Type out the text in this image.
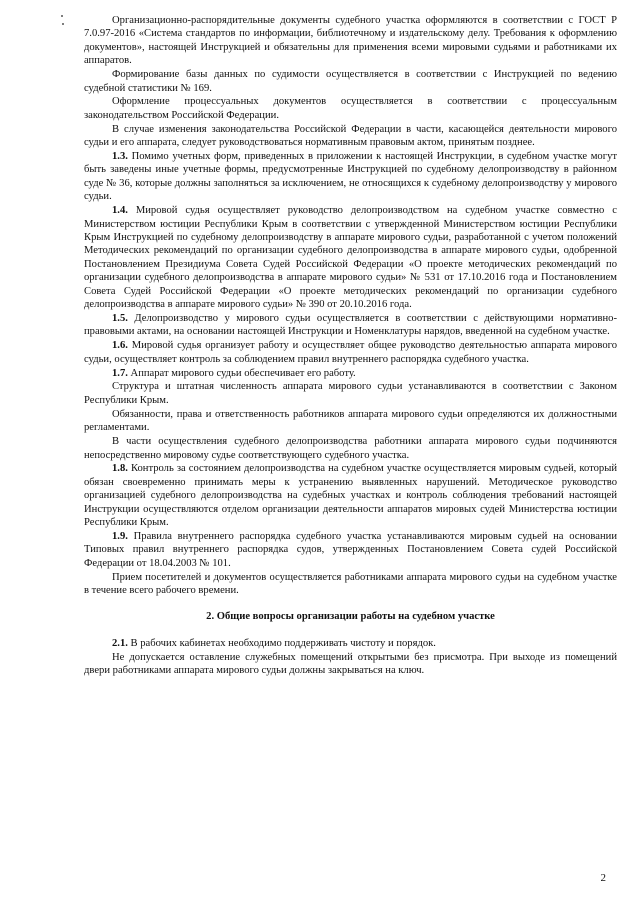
Организационно-распорядительные документы судебного участка оформляются в соответствии с ГОСТ Р 7.0.97-2016 «Система стандартов по информации, библиотечному и издательскому делу. Требования к оформлению документов», настоящей Инструкцией и обязательны для применения всеми мировыми судьями и работниками их аппаратов.

Формирование базы данных по судимости осуществляется в соответствии с Инструкцией по ведению судебной статистики № 169.

Оформление процессуальных документов осуществляется в соответствии с процессуальным законодательством Российской Федерации.

В случае изменения законодательства Российской Федерации в части, касающейся деятельности мирового судьи и его аппарата, следует руководствоваться нормативным правовым актом, принятым позднее.

1.3. Помимо учетных форм, приведенных в приложении к настоящей Инструкции, в судебном участке могут быть заведены иные учетные формы, предусмотренные Инструкцией по судебному делопроизводству в районном суде № 36, которые должны заполняться за исключением, не относящихся к судебному делопроизводству у мирового судьи.

1.4. Мировой судья осуществляет руководство делопроизводством на судебном участке совместно с Министерством юстиции Республики Крым в соответствии с утвержденной Министерством юстиции Республики Крым Инструкцией по судебному делопроизводству в аппарате мирового судьи, разработанной с учетом положений Методических рекомендаций по организации судебного делопроизводства в аппарате мирового судьи, одобренной Постановлением Президиума Совета Судей Российской Федерации «О проекте методических рекомендаций по организации судебного делопроизводства в аппарате мирового судьи» № 531 от 17.10.2016 года и Постановлением Совета Судей Российской Федерации «О проекте методических рекомендаций по организации судебного делопроизводства в аппарате мирового судьи» № 390 от 20.10.2016 года.

1.5. Делопроизводство у мирового судьи осуществляется в соответствии с действующими нормативно-правовыми актами, на основании настоящей Инструкции и Номенклатуры нарядов, введенной на судебном участке.

1.6. Мировой судья организует работу и осуществляет общее руководство деятельностью аппарата мирового судьи, осуществляет контроль за соблюдением правил внутреннего распорядка судебного участка.

1.7. Аппарат мирового судьи обеспечивает его работу.

Структура и штатная численность аппарата мирового судьи устанавливаются в соответствии с Законом Республики Крым.

Обязанности, права и ответственность работников аппарата мирового судьи определяются их должностными регламентами.

В части осуществления судебного делопроизводства работники аппарата мирового судьи подчиняются непосредственно мировому судье соответствующего судебного участка.

1.8. Контроль за состоянием делопроизводства на судебном участке осуществляется мировым судьей, который обязан своевременно принимать меры к устранению выявленных нарушений. Методическое руководство организацией судебного делопроизводства на судебных участках и контроль соблюдения требований настоящей Инструкции осуществляются отделом организации деятельности аппаратов мировых судей Министерства юстиции Республики Крым.

1.9. Правила внутреннего распорядка судебного участка устанавливаются мировым судьей на основании Типовых правил внутреннего распорядка судов, утвержденных Постановлением Совета судей Российской Федерации от 18.04.2003 № 101.

Прием посетителей и документов осуществляется работниками аппарата мирового судьи на судебном участке в течение всего рабочего времени.

2. Общие вопросы организации работы на судебном участке

2.1. В рабочих кабинетах необходимо поддерживать чистоту и порядок.

Не допускается оставление служебных помещений открытыми без присмотра. При выходе из помещений двери работниками аппарата мирового судьи должны закрываться на ключ.

2
